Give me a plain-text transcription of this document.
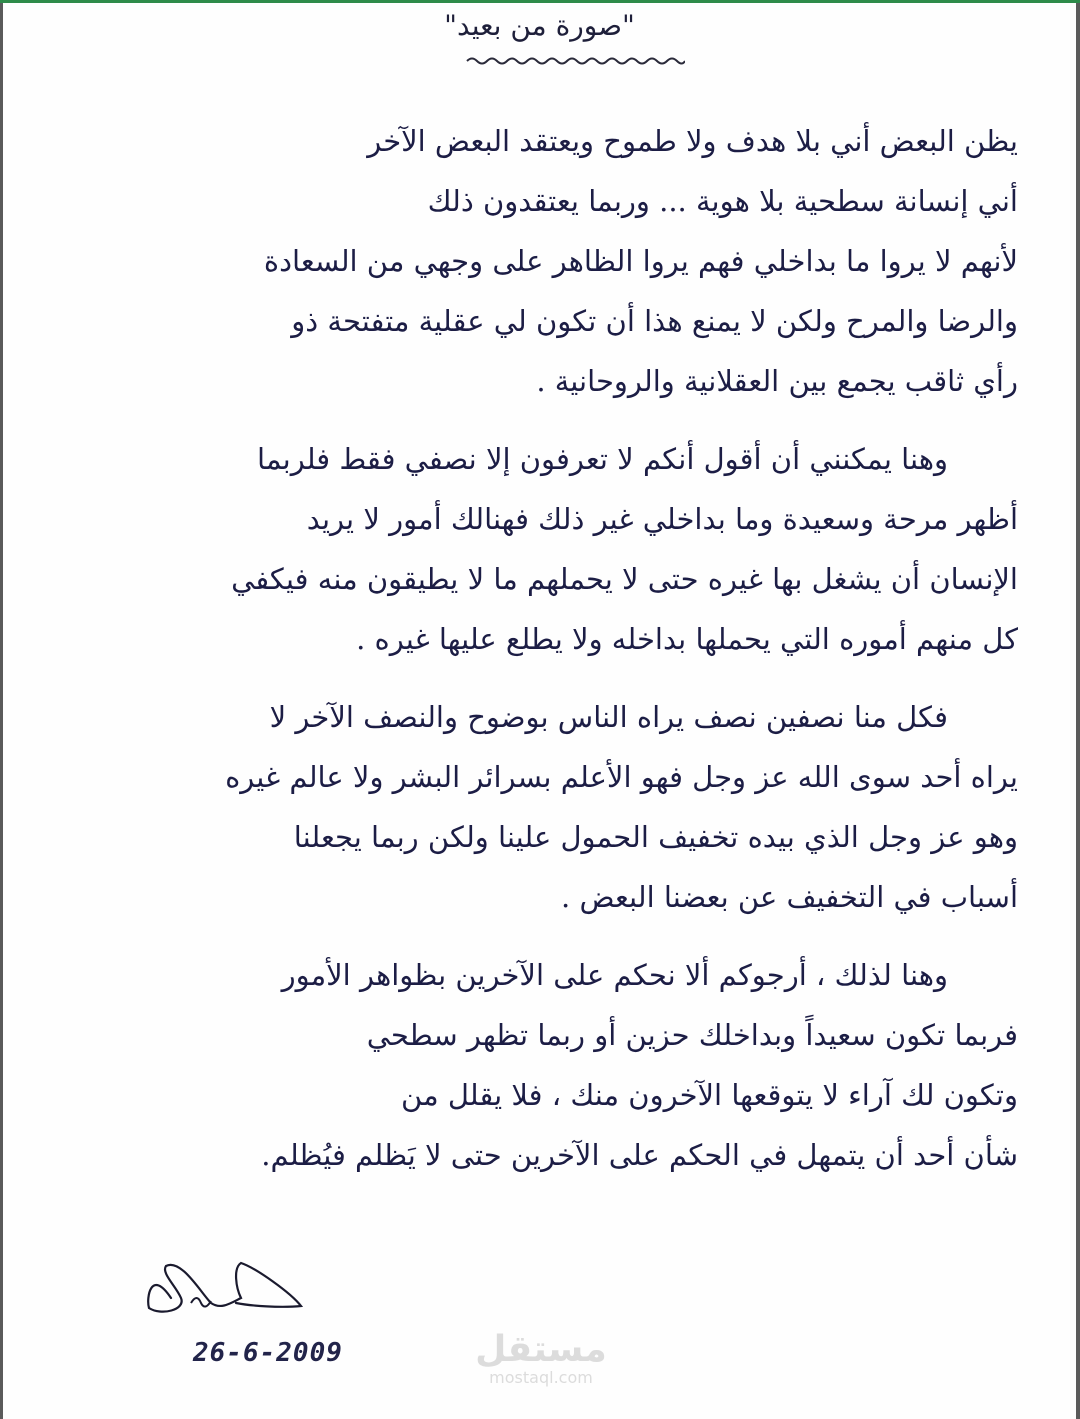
"صورة من بعيد"
يظن البعض أني بلا هدف ولا طموح ويعتقد البعض الآخر
أني إنسانة سطحية بلا هوية ... وربما يعتقدون ذلك
لأنهم لا يروا ما بداخلي فهم يروا الظاهر على وجهي من السعادة
والرضا والمرح ولكن لا يمنع هذا أن تكون لي عقلية متفتحة ذو
رأي ثاقب يجمع بين العقلانية والروحانية .
وهنا يمكنني أن أقول أنكم لا تعرفون إلا نصفي فقط فلربما
أظهر مرحة وسعيدة وما بداخلي غير ذلك فهنالك أمور لا يريد
الإنسان أن يشغل بها غيره حتى لا يحملهم ما لا يطيقون منه فيكفي
كل منهم أموره التي يحملها بداخله ولا يطلع عليها غيره .
فكل منا نصفين نصف يراه الناس بوضوح والنصف الآخر لا
يراه أحد سوى الله عز وجل فهو الأعلم بسرائر البشر ولا عالم غيره
وهو عز وجل الذي بيده تخفيف الحمول علينا ولكن ربما يجعلنا
أسباب في التخفيف عن بعضنا البعض .
وهنا لذلك ، أرجوكم ألا نحكم على الآخرين بظواهر الأمور
فربما تكون سعيداً وبداخلك حزين أو ربما تظهر سطحي
وتكون لك آراء لا يتوقعها الآخرون منك ، فلا يقلل من
شأن أحد أن يتمهل في الحكم على الآخرين حتى لا يَظلم فيُظلم.
26-6-2009	مستقل
mostaql.com
